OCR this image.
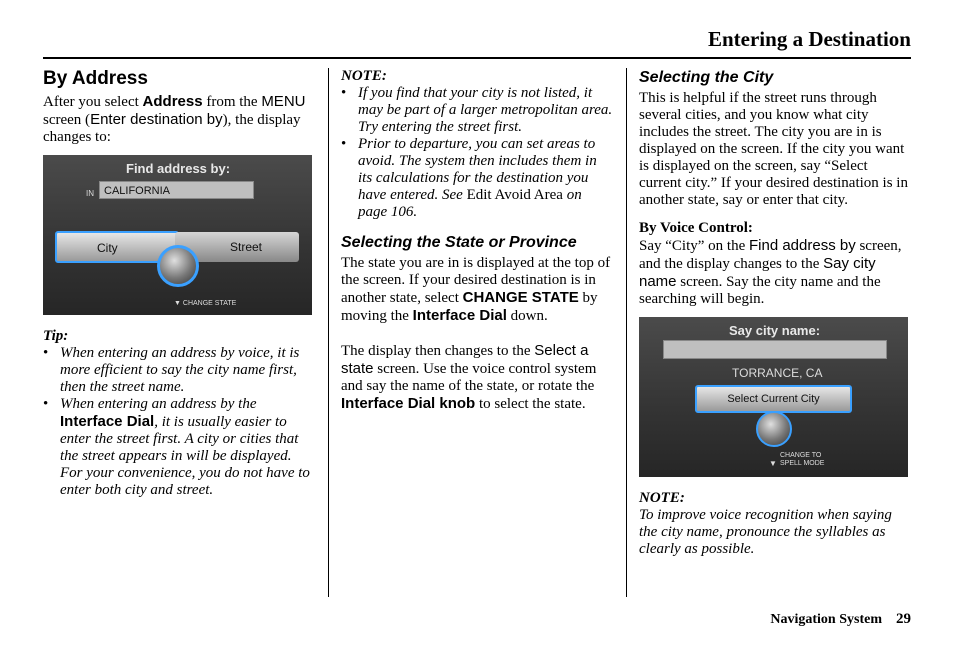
Entering a Destination
By Address

After you select Address from the MENU screen (Enter destination by), the display changes to:

Find address by:
IN CALIFORNIA
City	Street
▼ CHANGE STATE

Tip:

• When entering an address by voice, it is more efficient to say the city name first, then the street name.
• When entering an address by the Interface Dial, it is usually easier to enter the street first. A city or cities that the street appears in will be displayed. For your convenience, you do not have to enter both city and street.

NOTE:

• If you find that your city is not listed, it may be part of a larger metropolitan area. Try entering the street first.
• Prior to departure, you can set areas to avoid. The system then includes them in its calculations for the destination you have entered. See Edit Avoid Area on page 106.
Selecting the State or Province

The state you are in is displayed at the top of the screen. If your desired destination is in another state, select CHANGE STATE by moving the Interface Dial down.

The display then changes to the Select a state screen. Use the voice control system and say the name of the state, or rotate the Interface Dial knob to select the state.

Selecting the City

This is helpful if the street runs through several cities, and you know what city includes the street. The city you are in is displayed on the screen. If the city you want is displayed on the screen, say “Select current city.” If your desired destination is in another state, say or enter that city.

By Voice Control:

Say “City” on the Find address by screen, and the display changes to the Say city name screen. Say the city name and the searching will begin.

Say city name:
TORRANCE, CA
Select Current City
▼
CHANGE TO
SPELL MODE

NOTE:

To improve voice recognition when saying the city name, pronounce the syllables as clearly as possible.

Navigation System 29
